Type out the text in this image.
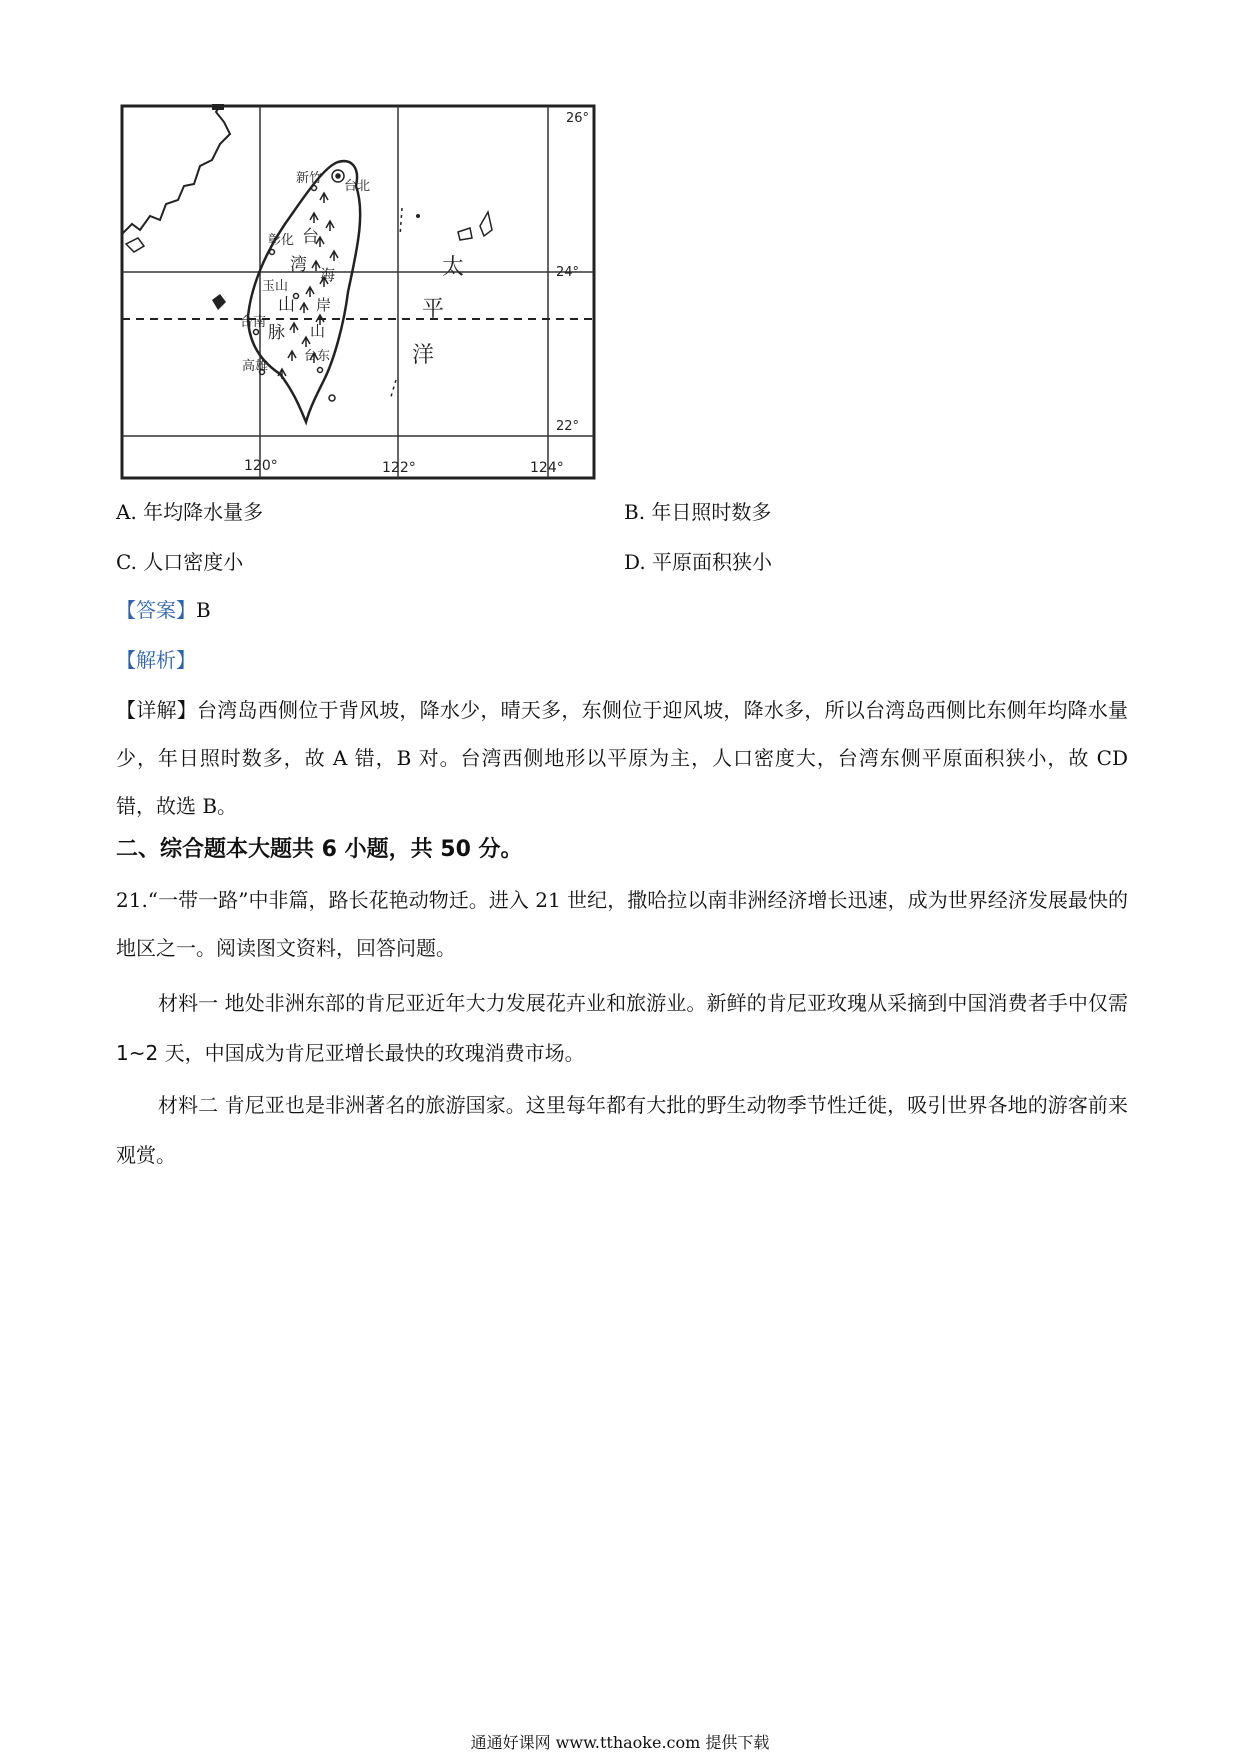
26°
24°
22°
120°	122°	124°
台北
新竹
彰化
玉山
台南
高雄
台东
台
湾
山
脉
海
岸
山
太
平
洋
A. 年均降水量多	B. 年日照时数多
C. 人口密度小	D. 平原面积狭小
【答案】B
【解析】
【详解】台湾岛西侧位于背风坡，降水少，晴天多，东侧位于迎风坡，降水多，所以台湾岛西侧比东侧年均降水量少，年日照时数多，故 A 错，B 对。台湾西侧地形以平原为主，人口密度大，台湾东侧平原面积狭小，故 CD 错，故选 B。
二、综合题本大题共 6 小题，共 50 分。
21.“一带一路”中非篇，路长花艳动物迁。进入 21 世纪，撒哈拉以南非洲经济增长迅速，成为世界经济发展最快的地区之一。阅读图文资料，回答问题。
材料一 地处非洲东部的肯尼亚近年大力发展花卉业和旅游业。新鲜的肯尼亚玫瑰从采摘到中国消费者手中仅需 1~2 天，中国成为肯尼亚增长最快的玫瑰消费市场。
材料二 肯尼亚也是非洲著名的旅游国家。这里每年都有大批的野生动物季节性迁徙，吸引世界各地的游客前来观赏。
通通好课网 www.tthaoke.com 提供下载
